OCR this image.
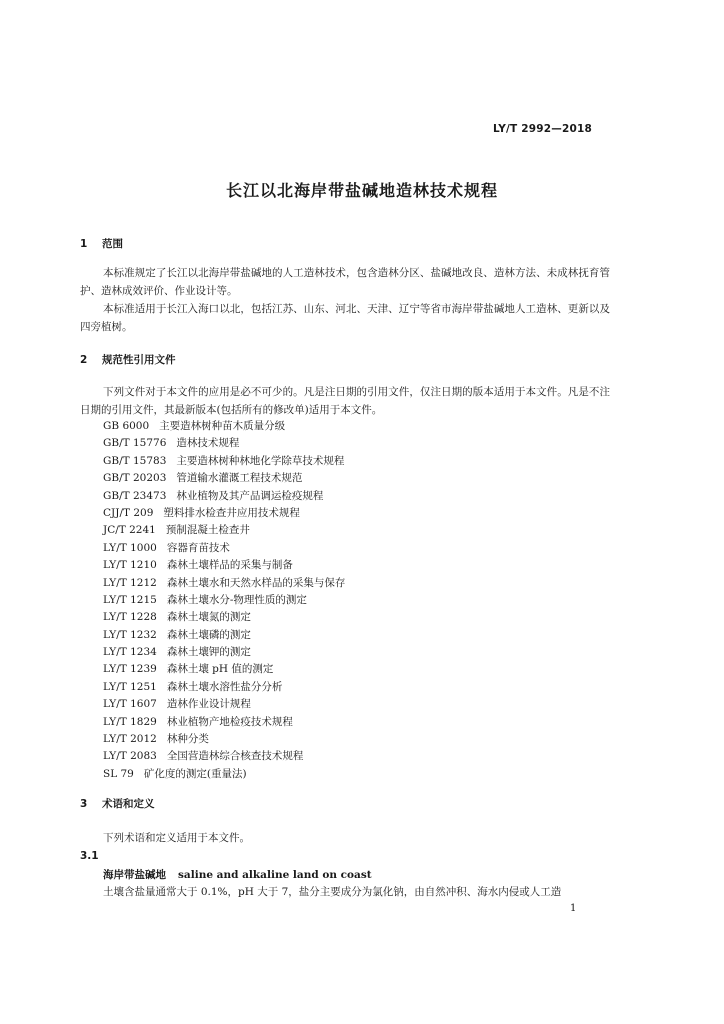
LY/T 2992—2018
长江以北海岸带盐碱地造林技术规程
1 范围

本标准规定了长江以北海岸带盐碱地的人工造林技术，包含造林分区、盐碱地改良、造林方法、未成林抚育管护、造林成效评价、作业设计等。

本标准适用于长江入海口以北，包括江苏、山东、河北、天津、辽宁等省市海岸带盐碱地人工造林、更新以及四旁植树。

2 规范性引用文件

下列文件对于本文件的应用是必不可少的。凡是注日期的引用文件，仅注日期的版本适用于本文件。凡是不注日期的引用文件，其最新版本(包括所有的修改单)适用于本文件。

GB 6000 主要造林树种苗木质量分级
GB/T 15776 造林技术规程
GB/T 15783 主要造林树种林地化学除草技术规程
GB/T 20203 管道输水灌溉工程技术规范
GB/T 23473 林业植物及其产品调运检疫规程
CJJ/T 209 塑料排水检查井应用技术规程
JC/T 2241 预制混凝土检查井
LY/T 1000 容器育苗技术
LY/T 1210 森林土壤样品的采集与制备
LY/T 1212 森林土壤水和天然水样品的采集与保存
LY/T 1215 森林土壤水分-物理性质的测定
LY/T 1228 森林土壤氮的测定
LY/T 1232 森林土壤磷的测定
LY/T 1234 森林土壤钾的测定
LY/T 1239 森林土壤 pH 值的测定
LY/T 1251 森林土壤水溶性盐分分析
LY/T 1607 造林作业设计规程
LY/T 1829 林业植物产地检疫技术规程
LY/T 2012 林种分类
LY/T 2083 全国营造林综合核查技术规程
SL 79 矿化度的测定(重量法)
3 术语和定义

下列术语和定义适用于本文件。

3.1
海岸带盐碱地 saline and alkaline land on coast
土壤含盐量通常大于 0.1%，pH 大于 7，盐分主要成分为氯化钠，由自然冲积、海水内侵或人工造
1
